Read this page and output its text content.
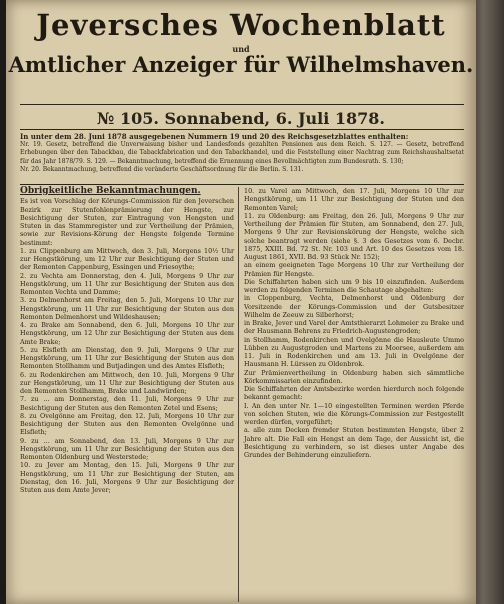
Jeversches Wochenblatt
und
Amtlicher Anzeiger für Wilhelmshaven.
№ 105. Sonnabend, 6. Juli 1878.

In unter dem 28. Juni 1878 ausgegebenen Nummern 19 und 20 des Reichsgesetzblattes enthalten:

Nr. 19. Gesetz, betreffend die Unverwaisung bisher und Landesfonds gezahlten Pensionen aus dem Reich. S. 127. — Gesetz, betreffend Erhebungen über den Tabackbau, die Tabackfabrication und den Tabackhandel, und die Feststellung einer Nachtrag zum Reichshaushaltsetat für das Jahr 1878/79. S. 129. — Bekanntmachung, betreffend die Ernennung eines Bevollmächtigten zum Bundesrath. S. 130;

Nr. 20. Bekanntmachung, betreffend die veränderte Geschäftsordnung für die Berlin. S. 131.

Obrigkeitliche Bekanntmachungen.

Es ist von Vorschlag der Körungs-Commission für den Jeverschen Bezirk zur Stutenfohlenprämierung der Hengste, zur Besichtigung der Stuten, zur Eintragung von Hengsten und Stuten in das Stammregister und zur Vertheilung der Prämien, sowie zur Revisions-Körung der Hengste folgende Termine bestimmt:

1. zu Clippenburg am Mittwoch, den 3. Juli, Morgens 10½ Uhr zur Hengstkörung, um 12 Uhr zur Besichtigung der Stuten und der Remonten Cappenburg, Essingen und Friesoythe;

2. zu Vechta am Donnerstag, den 4. Juli, Morgens 9 Uhr zur Hengstkörung, um 11 Uhr zur Besichtigung der Stuten aus den Remonten Vechta und Damme;

3. zu Delmenhorst am Freitag, den 5. Juli, Morgens 10 Uhr zur Hengstkörung, um 11 Uhr zur Besichtigung der Stuten aus den Remonten Delmenhorst und Wildeshausen;

4. zu Brake am Sonnabend, den 6. Juli, Morgens 10 Uhr zur Hengstkörung, um 12 Uhr zur Besichtigung der Stuten aus dem Amte Brake;

5. zu Elsfleth am Dienstag, den 9. Juli, Morgens 9 Uhr zur Hengstkörung, um 11 Uhr zur Besichtigung der Stuten aus den Remonten Stollhamm und Butjadingen und des Amtes Elsfleth;

6. zu Rodenkirchen am Mittwoch, den 10. Juli, Morgens 9 Uhr zur Hengstkörung, um 11 Uhr zur Besichtigung der Stuten aus den Remonten Stollhamm, Brake und Landwürden;

7. zu ... am Donnerstag, den 11. Juli, Morgens 9 Uhr zur Besichtigung der Stuten aus den Remonten Zetel und Esens;

8. zu Ovelgönne am Freitag, den 12. Juli, Morgens 10 Uhr zur Besichtigung der Stuten aus den Remonten Ovelgönne und Elsfleth;

9. zu ... am Sonnabend, den 13. Juli, Morgens 9 Uhr zur Hengstkörung, um 11 Uhr zur Besichtigung der Stuten aus den Remonten Oldenburg und Westerstede;

10. zu Jever am Montag, den 15. Juli, Morgens 9 Uhr zur Hengstkörung, um 11 Uhr zur Besichtigung der Stuten, am Dienstag, den 16. Juli, Morgens 9 Uhr zur Besichtigung der Stuten aus dem Amte Jever;

10. zu Varel am Mittwoch, den 17. Juli, Morgens 10 Uhr zur Hengstkörung, um 11 Uhr zur Besichtigung der Stuten und den Remonten Varel;

11. zu Oldenburg: am Freitag, den 26. Juli, Morgens 9 Uhr zur Vertheilung der Prämien für Stuten, am Sonnabend, den 27. Juli, Morgens 9 Uhr zur Revisionskörung der Hengste, welche sich solche beantragt werden (siehe §. 3 des Gesetzes vom 6. Decbr. 1875, XXIII. Bd. 72 St. Nr. 103 und Art. 10 des Gesetzes vom 18. August 1861, XVII. Bd. 93 Stück Nr. 152);

an einem geeigneten Tage Morgens 10 Uhr zur Vertheilung der Prämien für Hengste.

Die Schiffahrten haben sich um 9 bis 10 einzufinden. Außerdem werden zu folgenden Terminen die Schautage abgehalten:

in Cloppenburg, Vechta, Delmenhorst und Oldenburg der Vorsitzende der Körungs-Commission und der Gutsbesitzer Wilhelm de Zeeuw zu Silberhorst;

in Brake, Jever und Varel der Amtsthierarzt Lohmeier zu Brake und der Hausmann Behrens zu Friedrich-Augustengroden;

in Stollhamm, Rodenkirchen und Ovelgönne die Hausleute Ummo Lübben zu Augustgroden und Martens zu Moorsee, außerdem am 11. Juli in Rodenkirchen und am 13. Juli in Ovelgönne der Hausmann H. Lürssen zu Oldenbrok.

Zur Prämienvertheilung in Oldenburg haben sich sämmtliche Körkommissarien einzufinden.

Die Schiffahrten der Amtsbezirke werden hierdurch noch folgende bekannt gemacht:

I. An den unter Nr. 1—10 eingestellten Terminen werden Pferde von solchen Stuten, wie die Körungs-Commission zur Festgestellt werden dürfen, vorgeführt;

a. alle zum Decken fremder Stuten bestimmten Hengste, über 2 Jahre alt. Die Fall ein Hengst an dem Tage, der Aussicht ist, die Besichtigung zu verhindern, so ist dieses unter Angabe des Grundes der Behinderung einzuliefern.
